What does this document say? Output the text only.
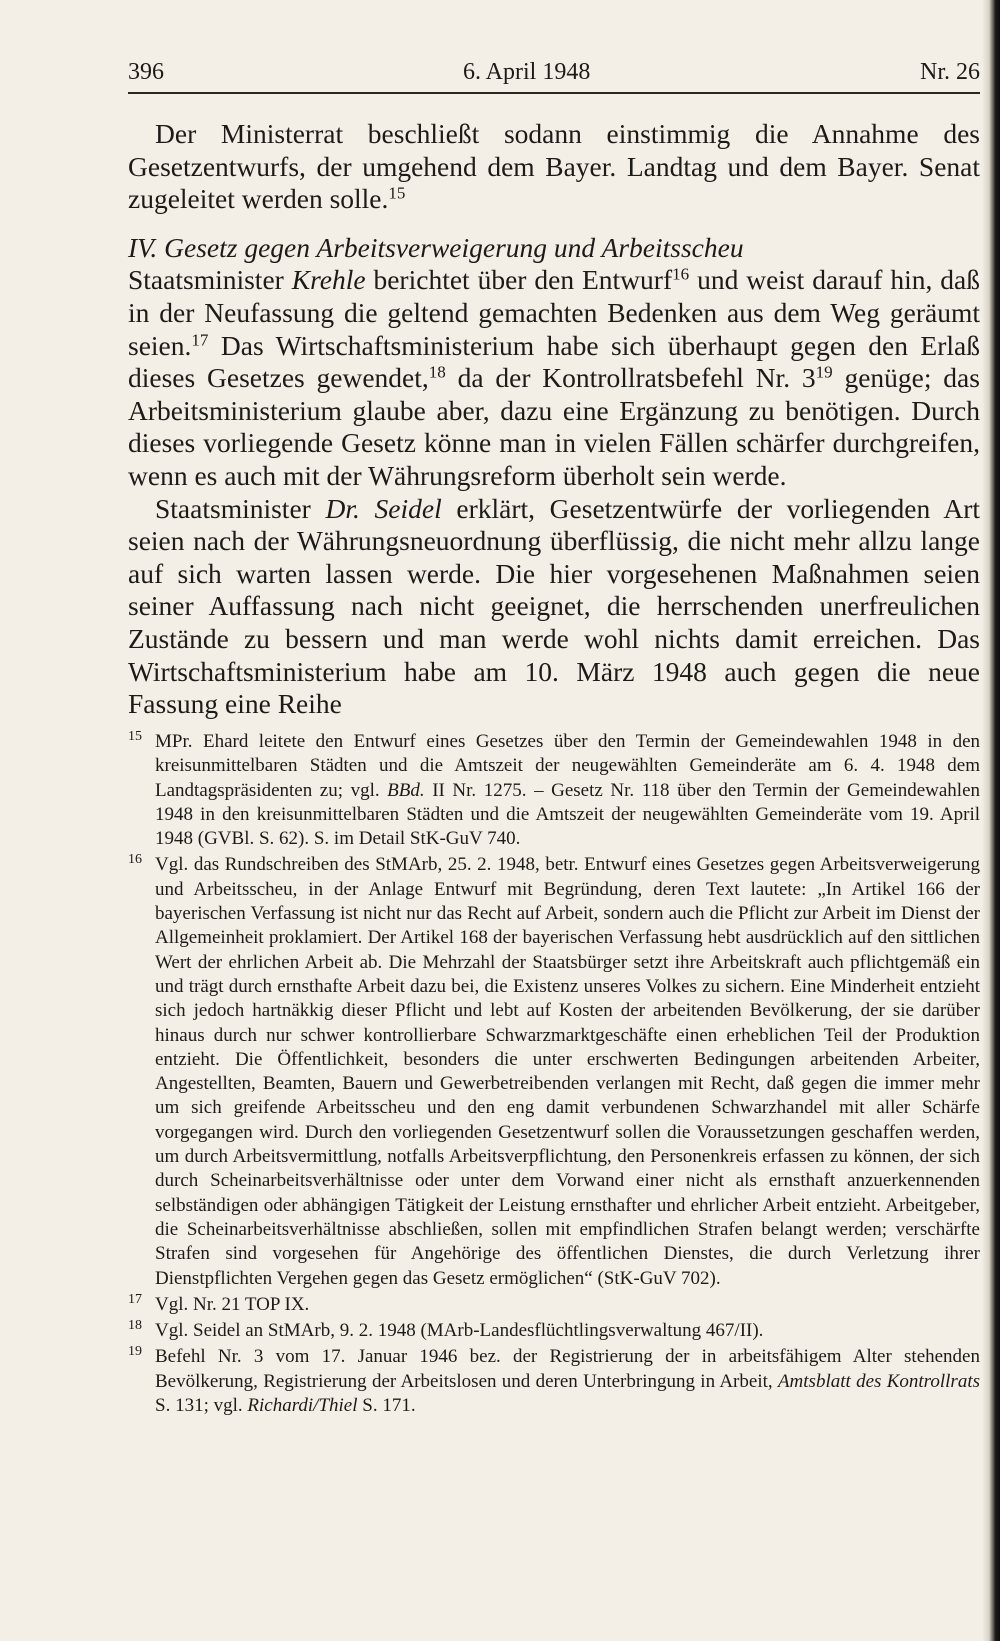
396	6. April 1948	Nr. 26

Der Ministerrat beschließt sodann einstimmig die Annahme des Gesetzentwurfs, der umgehend dem Bayer. Landtag und dem Bayer. Senat zugeleitet werden solle.$^{15}$

IV. Gesetz gegen Arbeitsverweigerung und Arbeitsscheu

Staatsminister Krehle berichtet über den Entwurf$^{16}$ und weist darauf hin, daß in der Neufassung die geltend gemachten Bedenken aus dem Weg geräumt seien.$^{17}$ Das Wirtschaftsministerium habe sich überhaupt gegen den Erlaß dieses Gesetzes gewendet,$^{18}$ da der Kontrollratsbefehl Nr. $3^{19}$ genüge; das Arbeitsministerium glaube aber, dazu eine Ergänzung zu benötigen. Durch dieses vorliegende Gesetz könne man in vielen Fällen schärfer durchgreifen, wenn es auch mit der Währungsreform überholt sein werde.

Staatsminister Dr. Seidel erklärt, Gesetzentwürfe der vorliegenden Art seien nach der Währungsneuordnung überflüssig, die nicht mehr allzu lange auf sich warten lassen werde. Die hier vorgesehenen Maßnahmen seien seiner Auffassung nach nicht geeignet, die herrschenden unerfreulichen Zustände zu bessern und man werde wohl nichts damit erreichen. Das Wirtschaftsministerium habe am 10. März 1948 auch gegen die neue Fassung eine Reihe

15 MPr. Ehard leitete den Entwurf eines Gesetzes über den Termin der Gemeindewahlen 1948 in den kreisunmittelbaren Städten und die Amtszeit der neugewählten Gemeinderäte am 6. 4. 1948 dem Landtagspräsidenten zu; vgl. BBd. II Nr. 1275. – Gesetz Nr. 118 über den Termin der Gemeindewahlen 1948 in den kreisunmittelbaren Städten und die Amtszeit der neugewählten Gemeinderäte vom 19. April 1948 (GVBl. S. 62). S. im Detail StK-GuV 740.

16 Vgl. das Rundschreiben des StMArb, 25. 2. 1948, betr. Entwurf eines Gesetzes gegen Arbeitsverweigerung und Arbeitsscheu, in der Anlage Entwurf mit Begründung, deren Text lautete: „In Artikel 166 der bayerischen Verfassung ist nicht nur das Recht auf Arbeit, sondern auch die Pflicht zur Arbeit im Dienst der Allgemeinheit proklamiert. Der Artikel 168 der bayerischen Verfassung hebt ausdrücklich auf den sittlichen Wert der ehrlichen Arbeit ab. Die Mehrzahl der Staatsbürger setzt ihre Arbeitskraft auch pflichtgemäß ein und trägt durch ernsthafte Arbeit dazu bei, die Existenz unseres Volkes zu sichern. Eine Minderheit entzieht sich jedoch hartnäkkig dieser Pflicht und lebt auf Kosten der arbeitenden Bevölkerung, der sie darüber hinaus durch nur schwer kontrollierbare Schwarzmarktgeschäfte einen erheblichen Teil der Produktion entzieht. Die Öffentlichkeit, besonders die unter erschwerten Bedingungen arbeitenden Arbeiter, Angestellten, Beamten, Bauern und Gewerbetreibenden verlangen mit Recht, daß gegen die immer mehr um sich greifende Arbeitsscheu und den eng damit verbundenen Schwarzhandel mit aller Schärfe vorgegangen wird. Durch den vorliegenden Gesetzentwurf sollen die Voraussetzungen geschaffen werden, um durch Arbeitsvermittlung, notfalls Arbeitsverpflichtung, den Personenkreis erfassen zu können, der sich durch Scheinarbeitsverhältnisse oder unter dem Vorwand einer nicht als ernsthaft anzuerkennenden selbständigen oder abhängigen Tätigkeit der Leistung ernsthafter und ehrlicher Arbeit entzieht. Arbeitgeber, die Scheinarbeitsverhältnisse abschließen, sollen mit empfindlichen Strafen belangt werden; verschärfte Strafen sind vorgesehen für Angehörige des öffentlichen Dienstes, die durch Verletzung ihrer Dienstpflichten Vergehen gegen das Gesetz ermöglichen“ (StK-GuV 702).

17 Vgl. Nr. 21 TOP IX.

18 Vgl. Seidel an StMArb, 9. 2. 1948 (MArb-Landesflüchtlingsverwaltung 467/II).

19 Befehl Nr. 3 vom 17. Januar 1946 bez. der Registrierung der in arbeitsfähigem Alter stehenden Bevölkerung, Registrierung der Arbeitslosen und deren Unterbringung in Arbeit, Amtsblatt des Kontrollrats S. 131; vgl. Richardi/Thiel S. 171.
